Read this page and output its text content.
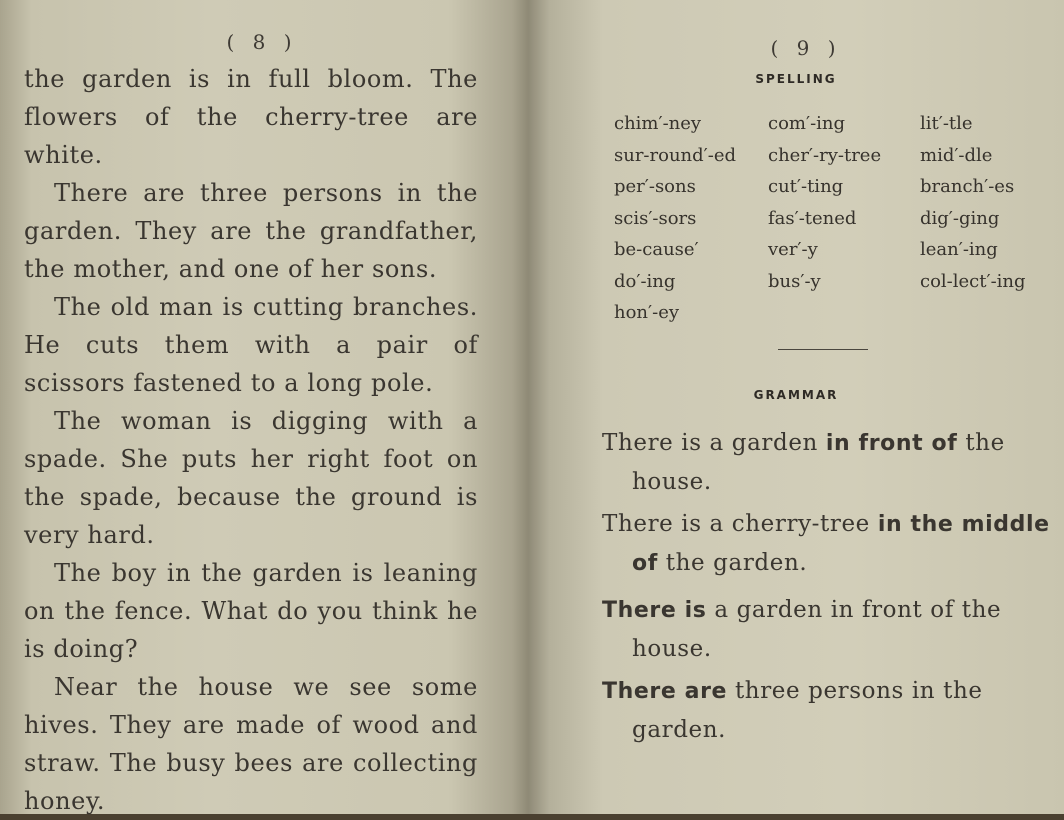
( 8 )

the garden is in full bloom. The flowers of the cherry-tree are white.

There are three persons in the garden. They are the grandfather, the mother, and one of her sons.

The old man is cutting branches. He cuts them with a pair of scissors fastened to a long pole.

The woman is digging with a spade. She puts her right foot on the spade, because the ground is very hard.

The boy in the garden is leaning on the fence. What do you think he is doing?

Near the house we see some hives. They are made of wood and straw. The busy bees are collecting honey.

( 9 )
SPELLING
chim′-ney	com′-ing	lit′-tle
sur-round′-ed	cher′-ry-tree	mid′-dle
per′-sons	cut′-ting	branch′-es
scis′-sors	fas′-tened	dig′-ging
be-cause′	ver′-y	lean′-ing
do′-ing	bus′-y	col-lect′-ing
hon′-ey
GRAMMAR

There is a garden in front of the

house.

There is a cherry-tree in the middle

of the garden.

There is a garden in front of the

house.

There are three persons in the

garden.
